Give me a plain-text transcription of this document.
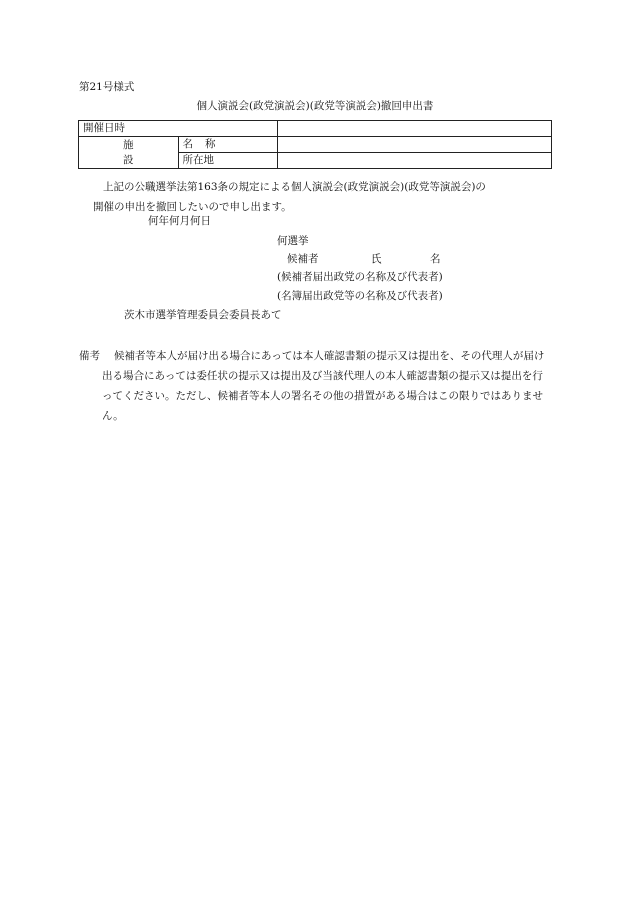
第21号様式
個人演説会(政党演説会)(政党等演説会)撤回申出書
開催日時		
施
設	名 称	
	所在地	
上記の公職選挙法第163条の規定による個人演説会(政党演説会)(政党等演説会)の
開催の申出を撤回したいので申し出ます。
何年何月何日
何選挙
候補者	氏	名
(候補者届出政党の名称及び代表者)
(名簿届出政党等の名称及び代表者)
茨木市選挙管理委員会委員長あて
備考	候補者等本人が届け出る場合にあっては本人確認書類の提示又は提出を、その代理人が届け出る場合にあっては委任状の提示又は提出及び当該代理人の本人確認書類の提示又は提出を行ってください。ただし、候補者等本人の署名その他の措置がある場合はこの限りではありません。
